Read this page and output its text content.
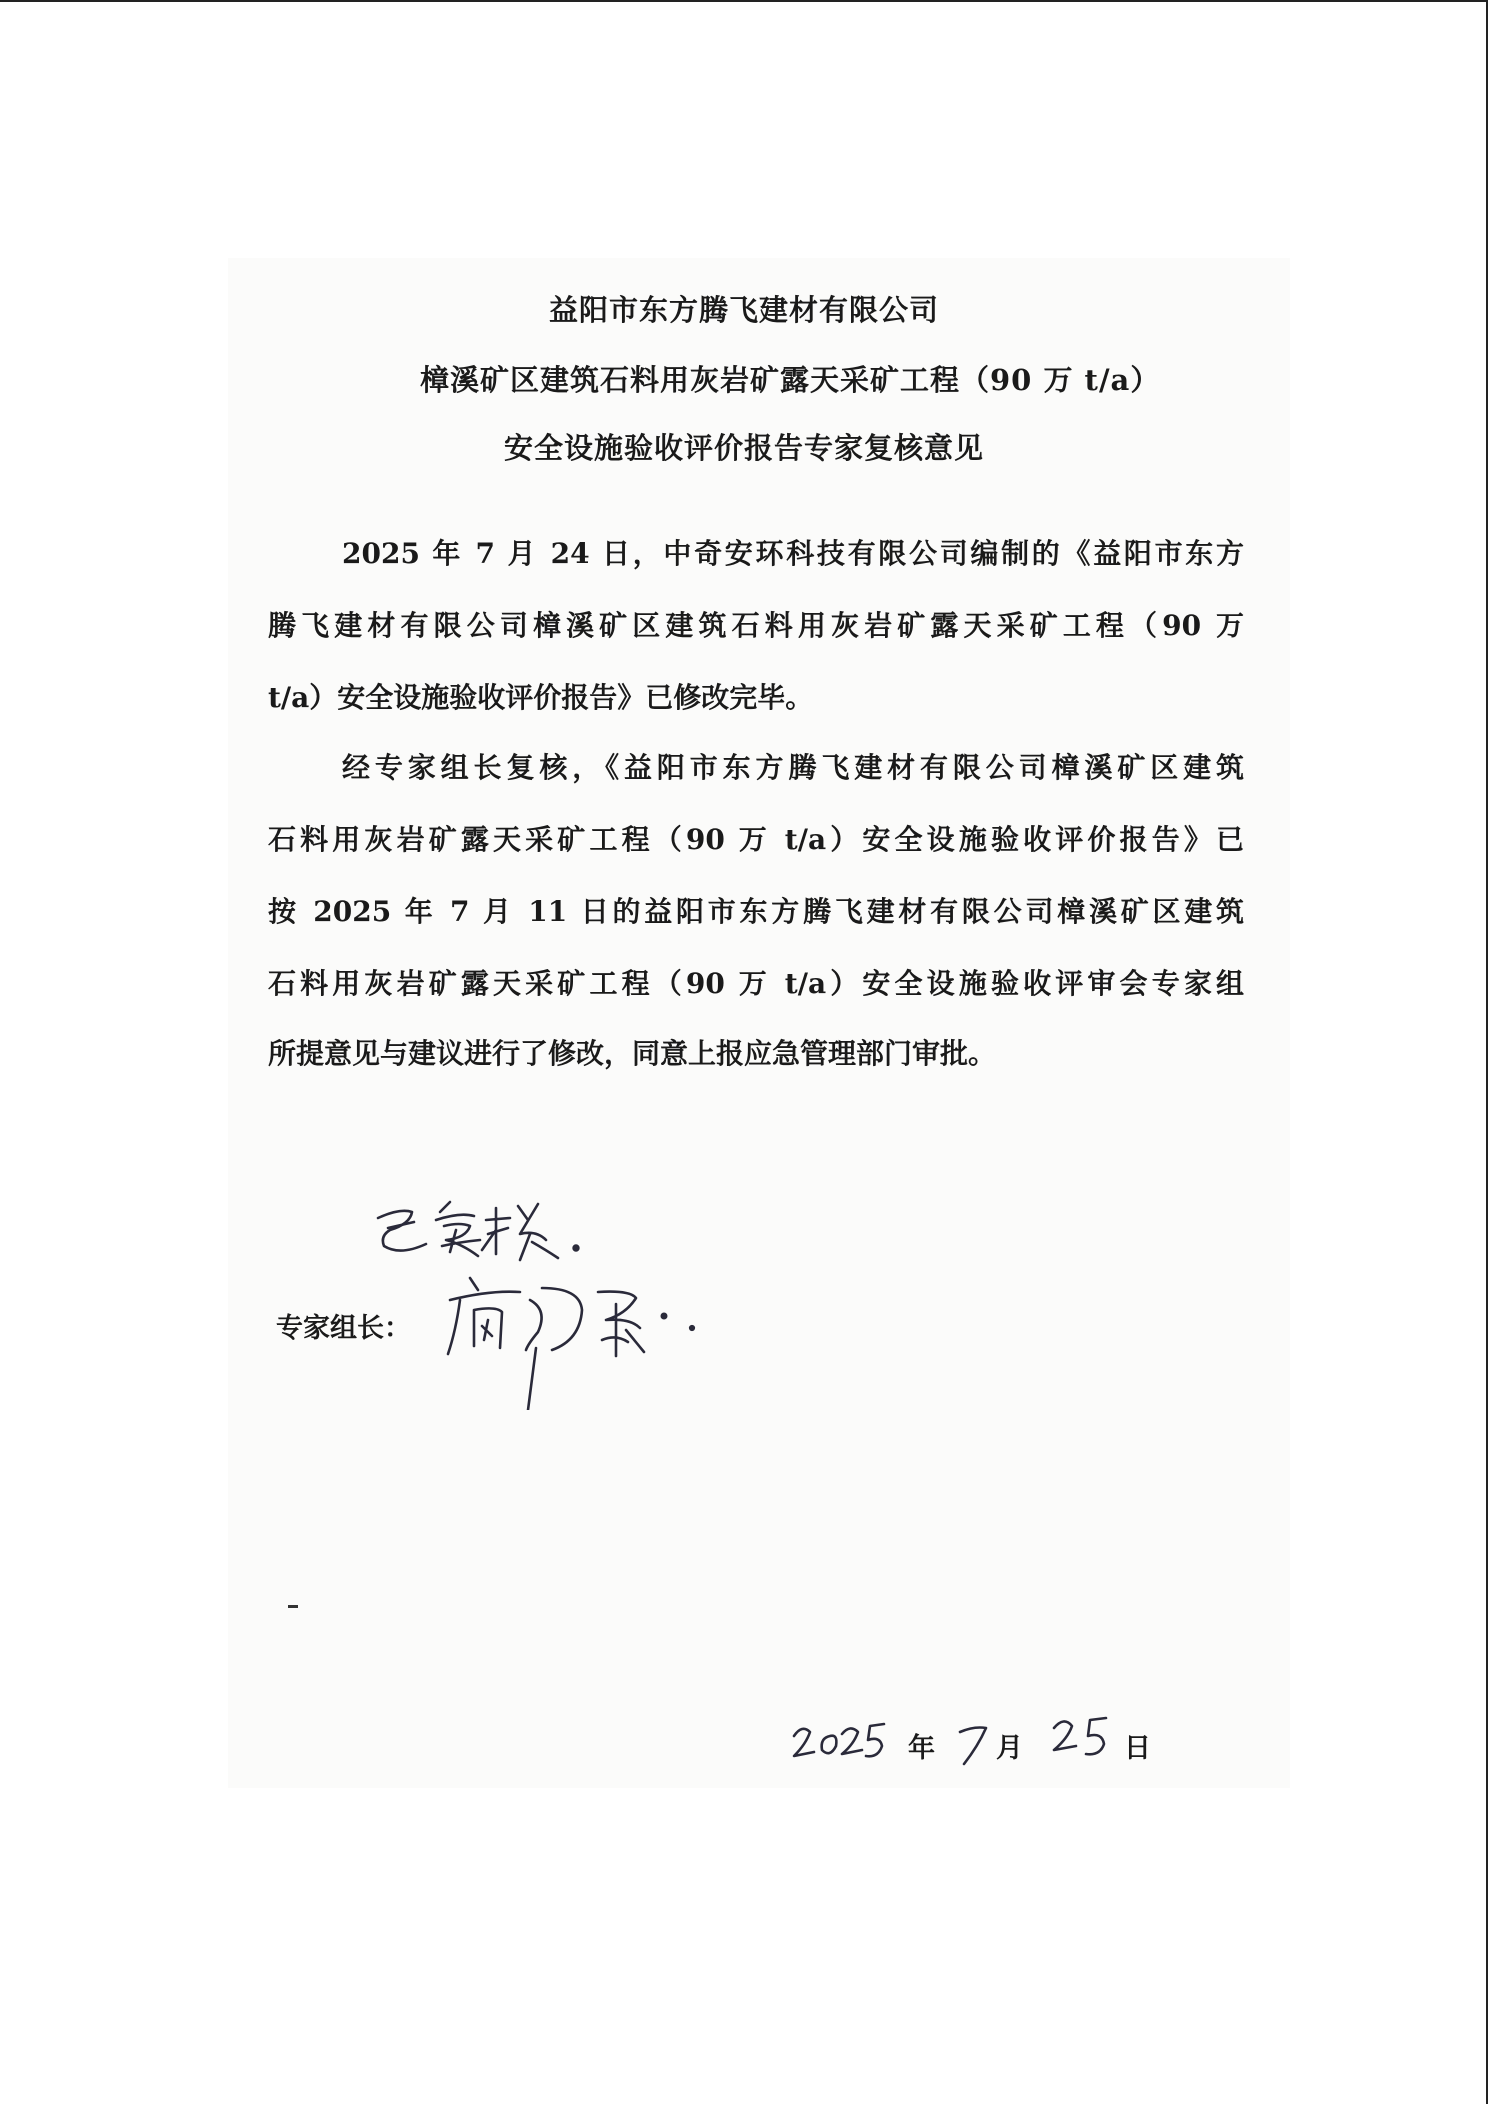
益阳市东方腾飞建材有限公司
樟溪矿区建筑石料用灰岩矿露天采矿工程（90 万 t/a）
安全设施验收评价报告专家复核意见
2025 年 7 月 24 日，中奇安环科技有限公司编制的《益阳市东方
腾飞建材有限公司樟溪矿区建筑石料用灰岩矿露天采矿工程（90 万
t/a）安全设施验收评价报告》已修改完毕。
经专家组长复核，《益阳市东方腾飞建材有限公司樟溪矿区建筑
石料用灰岩矿露天采矿工程（90 万 t/a）安全设施验收评价报告》已
按 2025 年 7 月 11 日的益阳市东方腾飞建材有限公司樟溪矿区建筑
石料用灰岩矿露天采矿工程（90 万 t/a）安全设施验收评审会专家组
所提意见与建议进行了修改，同意上报应急管理部门审批。
专家组长：
年 月	日
